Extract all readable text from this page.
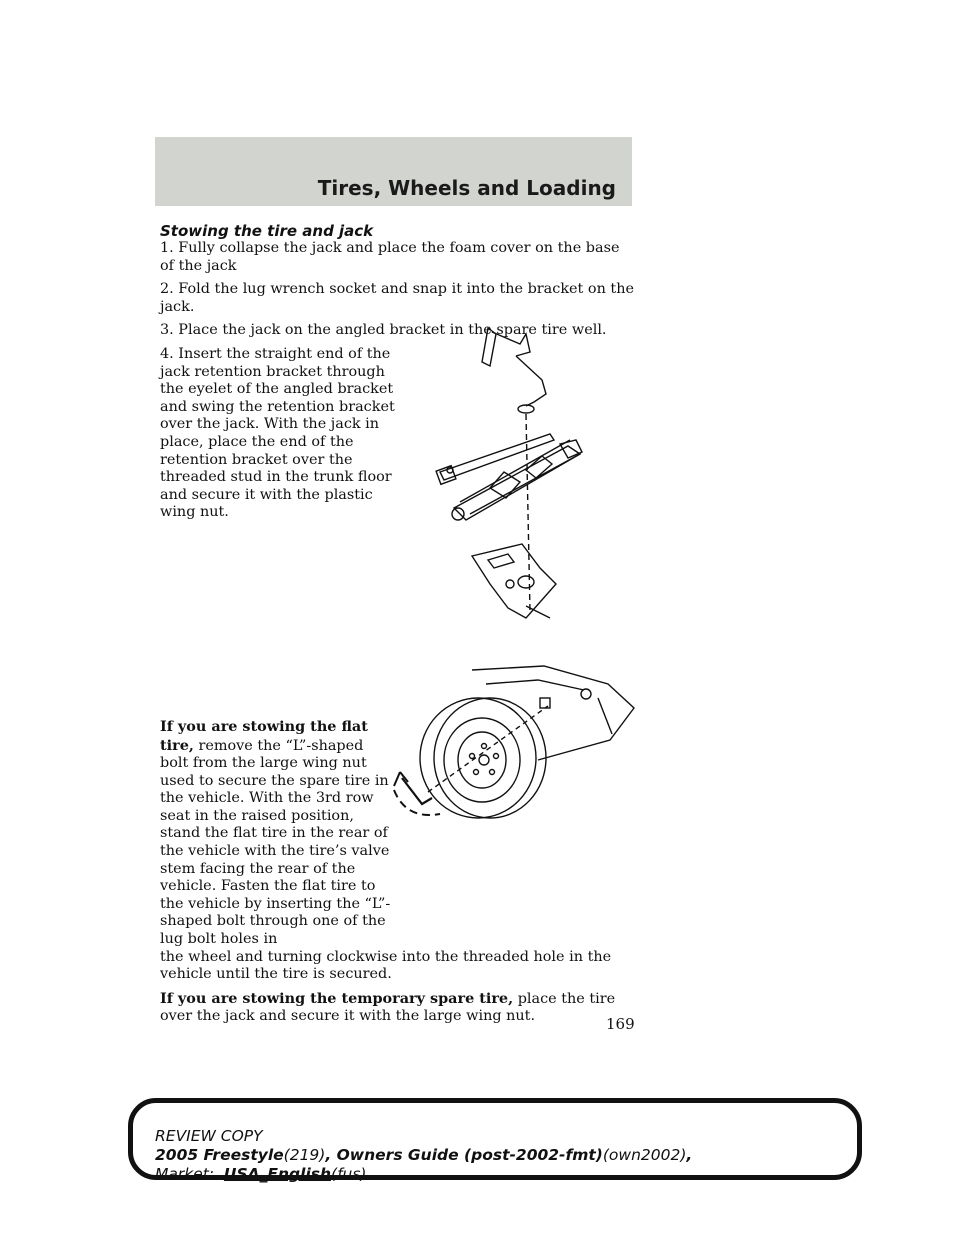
Tires, Wheels and Loading

Stowing the tire and jack

1. Fully collapse the jack and place the foam cover on the base of the jack

2. Fold the lug wrench socket and snap it into the bracket on the jack.

3. Place the jack on the angled bracket in the spare tire well.

4. Insert the straight end of the jack retention bracket through the eyelet of the angled bracket and swing the retention bracket over the jack. With the jack in place, place the end of the retention bracket over the threaded stud in the trunk floor and secure it with the plastic wing nut.

If you are stowing the flat tire, remove the “L”-shaped bolt from the large wing nut used to secure the spare tire in the vehicle. With the 3rd row seat in the raised position, stand the flat tire in the rear of the vehicle with the tire’s valve stem facing the rear of the vehicle. Fasten the flat tire to the vehicle by inserting the “L”-shaped bolt through one of the lug bolt holes in

the wheel and turning clockwise into the threaded hole in the vehicle until the tire is secured.

If you are stowing the temporary spare tire, place the tire over the jack and secure it with the large wing nut.	169
REVIEW COPY
2005 Freestyle(219), Owners Guide (post-2002-fmt)(own2002),
Market: USA_English(fus)
